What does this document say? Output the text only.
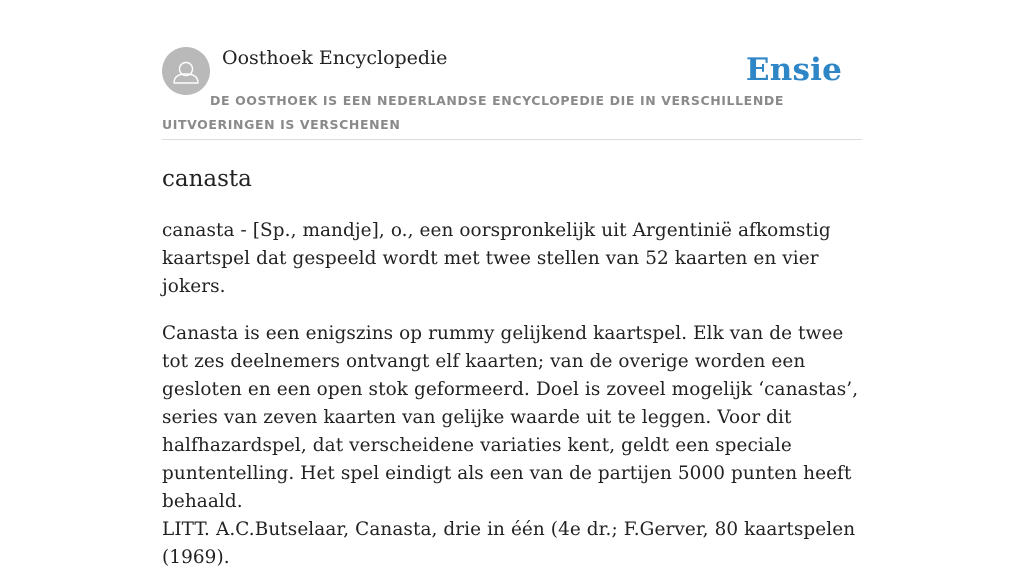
Oosthoek Encyclopedie	Ensie
DE OOSTHOEK IS EEN NEDERLANDSE ENCYCLOPEDIE DIE IN VERSCHILLENDE UITVOERINGEN IS VERSCHENEN
canasta

canasta - [Sp., mandje], o., een oorspronkelijk uit Argentinië afkomstig kaartspel dat gespeeld wordt met twee stellen van 52 kaarten en vier jokers.

Canasta is een enigszins op rummy gelijkend kaartspel. Elk van de twee tot zes deelnemers ontvangt elf kaarten; van de overige worden een gesloten en een open stok geformeerd. Doel is zoveel mogelijk ‘canastas’, series van zeven kaarten van gelijke waarde uit te leggen. Voor dit halfhazardspel, dat verscheidene variaties kent, geldt een speciale puntentelling. Het spel eindigt als een van de partijen 5000 punten heeft behaald.

LITT. A.C.Butselaar, Canasta, drie in één (4e dr.; F.Gerver, 80 kaartspelen (1969).
